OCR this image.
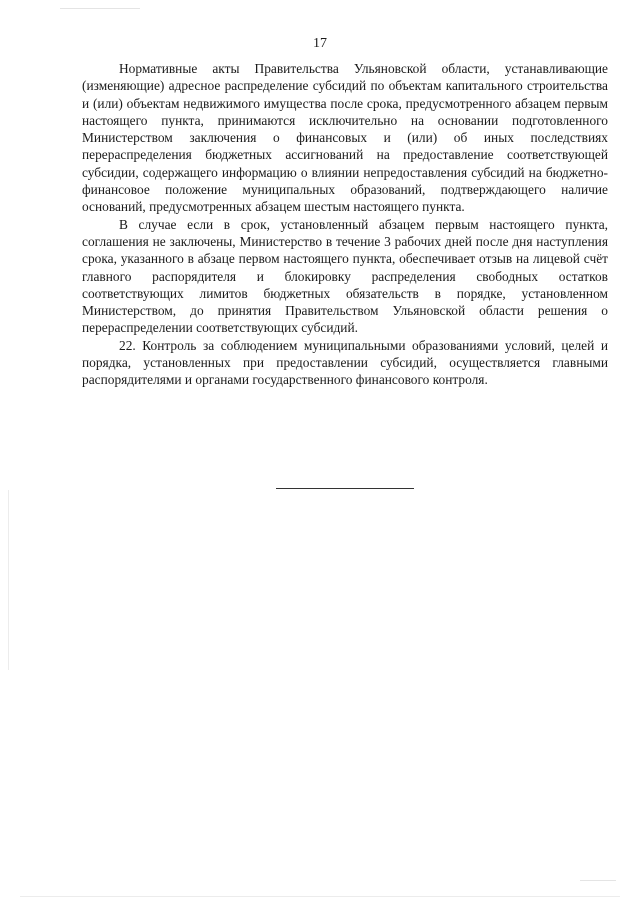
17

Нормативные акты Правительства Ульяновской области, устанавливающие (изменяющие) адресное распределение субсидий по объектам капитального строительства и (или) объектам недвижимого имущества после срока, предусмотренного абзацем первым настоящего пункта, принимаются исключительно на основании подготовленного Министерством заключения о финансовых и (или) об иных последствиях перераспределения бюджетных ассигнований на предоставление соответствующей субсидии, содержащего информацию о влиянии непредоставления субсидий на бюджетно-финансовое положение муниципальных образований, подтверждающего наличие оснований, предусмотренных абзацем шестым настоящего пункта.

В случае если в срок, установленный абзацем первым настоящего пункта, соглашения не заключены, Министерство в течение 3 рабочих дней после дня наступления срока, указанного в абзаце первом настоящего пункта, обеспечивает отзыв на лицевой счёт главного распорядителя и блокировку распределения свободных остатков соответствующих лимитов бюджетных обязательств в порядке, установленном Министерством, до принятия Правительством Ульяновской области решения о перераспределении соответствующих субсидий.

22. Контроль за соблюдением муниципальными образованиями условий, целей и порядка, установленных при предоставлении субсидий, осуществляется главными распорядителями и органами государственного финансового контроля.
